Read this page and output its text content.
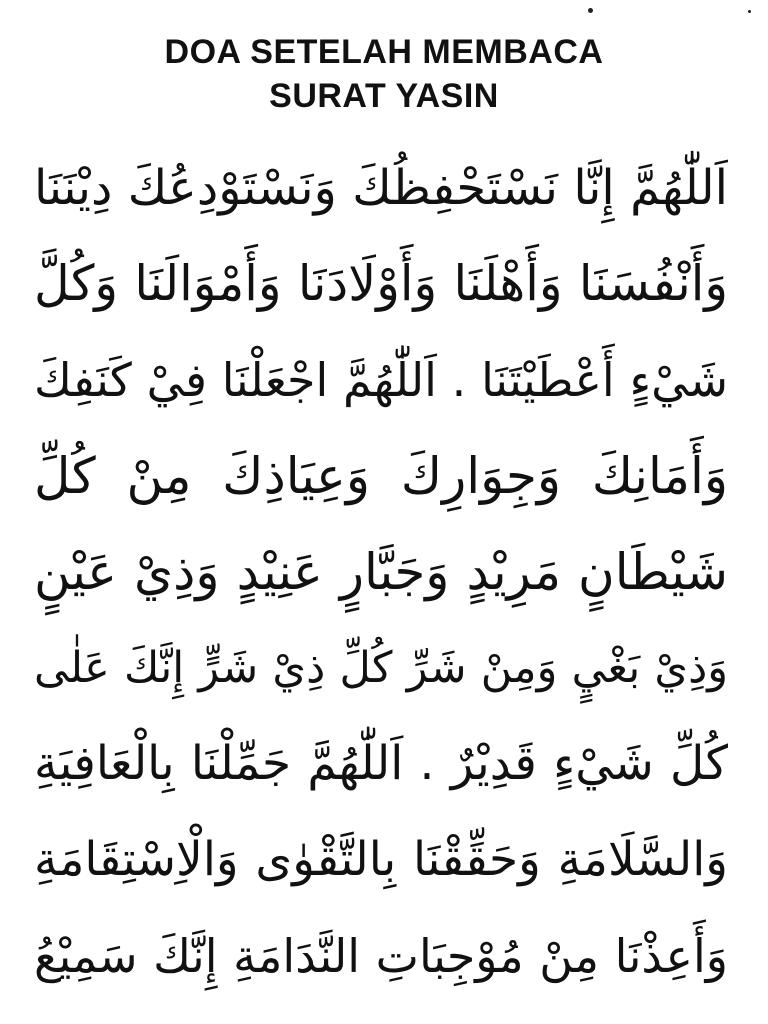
DOA SETELAH MEMBACA
SURAT YASIN
اَللّٰهُمَّ إِنَّا نَسْتَحْفِظُكَ وَنَسْتَوْدِعُكَ دِيْنَنَا
وَأَنْفُسَنَا وَأَهْلَنَا وَأَوْلَادَنَا وَأَمْوَالَنَا وَكُلَّ
شَيْءٍ أَعْطَيْتَنَا . اَللّٰهُمَّ اجْعَلْنَا فِيْ كَنَفِكَ
وَأَمَانِكَ وَجِوَارِكَ وَعِيَاذِكَ مِنْ كُلِّ
شَيْطَانٍ مَرِيْدٍ وَجَبَّارٍ عَنِيْدٍ وَذِيْ عَيْنٍ
وَذِيْ بَغْيٍ وَمِنْ شَرِّ كُلِّ ذِيْ شَرٍّ إِنَّكَ عَلٰى
كُلِّ شَيْءٍ قَدِيْرٌ . اَللّٰهُمَّ جَمِّلْنَا بِالْعَافِيَةِ
وَالسَّلَامَةِ وَحَقِّقْنَا بِالتَّقْوٰى وَالْاِسْتِقَامَةِ
وَأَعِذْنَا مِنْ مُوْجِبَاتِ النَّدَامَةِ إِنَّكَ سَمِيْعُ
